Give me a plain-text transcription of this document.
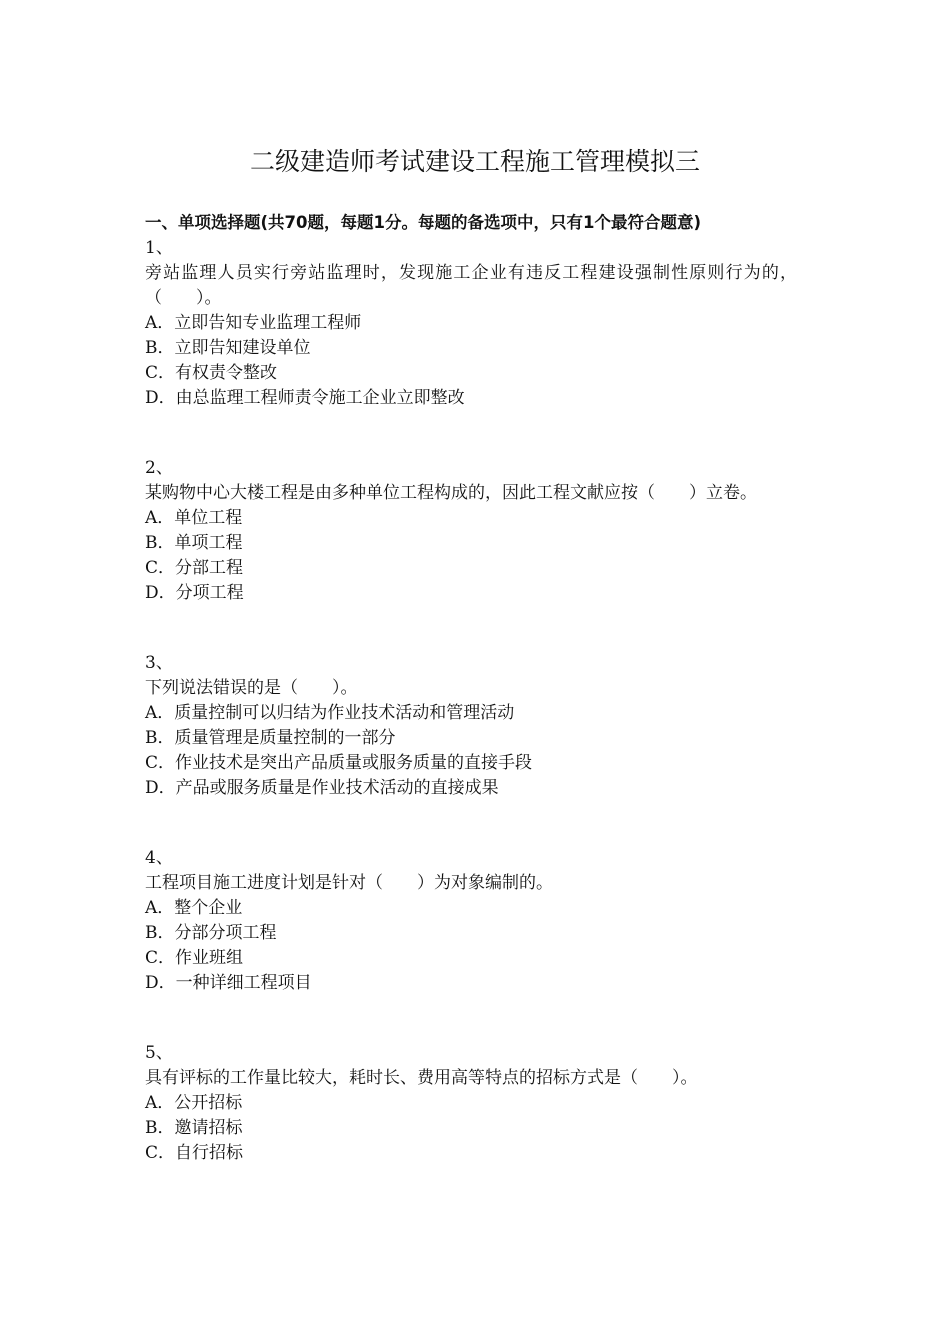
二级建造师考试建设工程施工管理模拟三
一、单项选择题(共70题，每题1分。每题的备选项中，只有1个最符合题意)
1、
旁站监理人员实行旁站监理时，发现施工企业有违反工程建设强制性原则行为的，（　　）。
A．立即告知专业监理工程师
B．立即告知建设单位
C．有权责令整改
D．由总监理工程师责令施工企业立即整改
2、
某购物中心大楼工程是由多种单位工程构成的，因此工程文献应按（　　）立卷。
A．单位工程
B．单项工程
C．分部工程
D．分项工程
3、
下列说法错误的是（　　）。
A．质量控制可以归结为作业技术活动和管理活动
B．质量管理是质量控制的一部分
C．作业技术是突出产品质量或服务质量的直接手段
D．产品或服务质量是作业技术活动的直接成果
4、
工程项目施工进度计划是针对（　　）为对象编制的。
A．整个企业
B．分部分项工程
C．作业班组
D．一种详细工程项目
5、
具有评标的工作量比较大，耗时长、费用高等特点的招标方式是（　　）。
A．公开招标
B．邀请招标
C．自行招标
